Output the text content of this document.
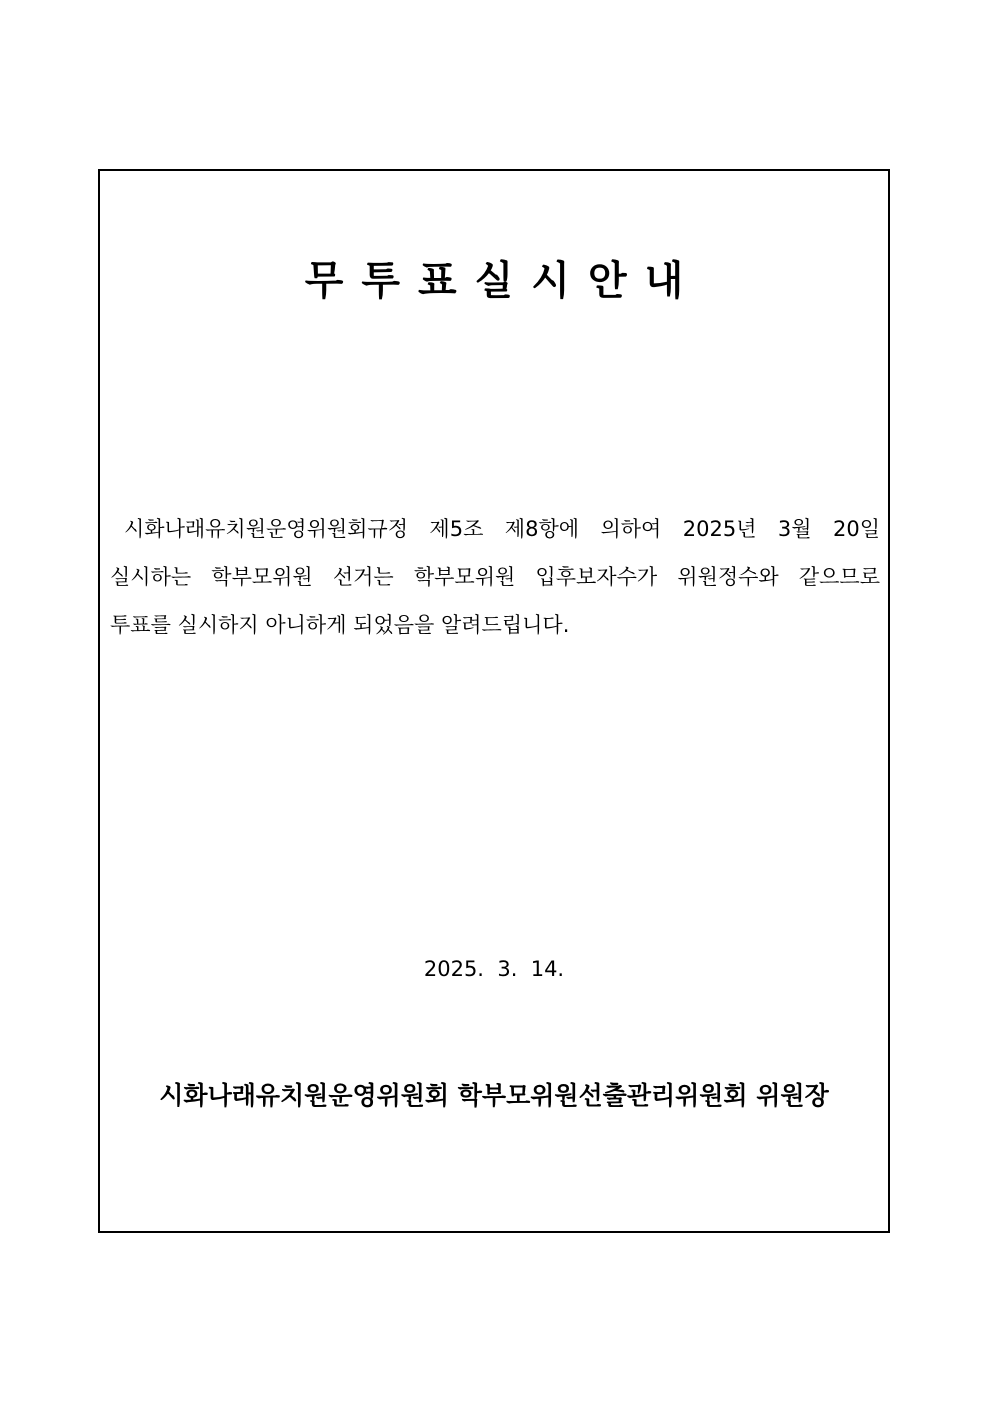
무투표실시안내
시화나래유치원운영위원회규정 제5조 제8항에 의하여 2025년 3월 20일
실시하는 학부모위원 선거는 학부모위원 입후보자수가 위원정수와 같으므로
투표를 실시하지 아니하게 되었음을 알려드립니다.
2025.  3.  14.
시화나래유치원운영위원회 학부모위원선출관리위원회 위원장
